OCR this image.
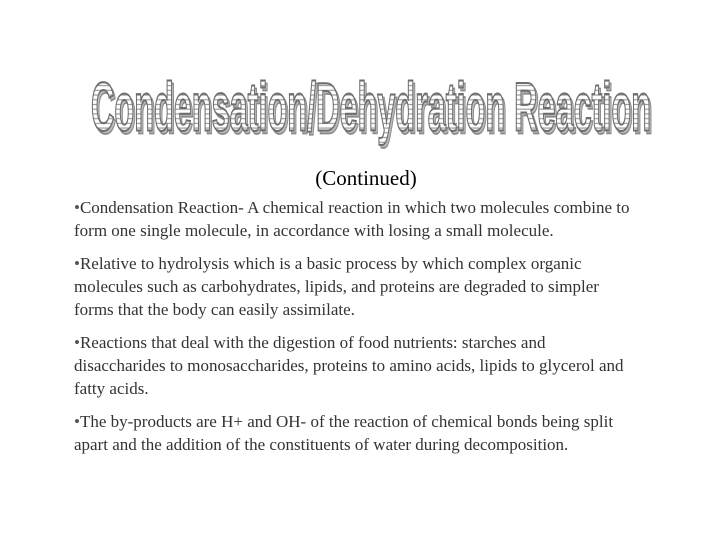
Condensation/Dehydration Reaction
Condensation/Dehydration Reaction
(Continued)

•Condensation Reaction- A chemical reaction in which two molecules combine to form one single molecule, in accordance with losing a small molecule.

•Relative to hydrolysis which is a basic process by which complex organic molecules such as carbohydrates, lipids, and proteins are degraded to simpler forms that the body can easily assimilate.

•Reactions that deal with the digestion of food nutrients: starches and disaccharides to monosaccharides, proteins to amino acids, lipids to glycerol and fatty acids.

•The by-products are H+ and OH- of the reaction of chemical bonds being split apart and the addition of the constituents of water during decomposition.
